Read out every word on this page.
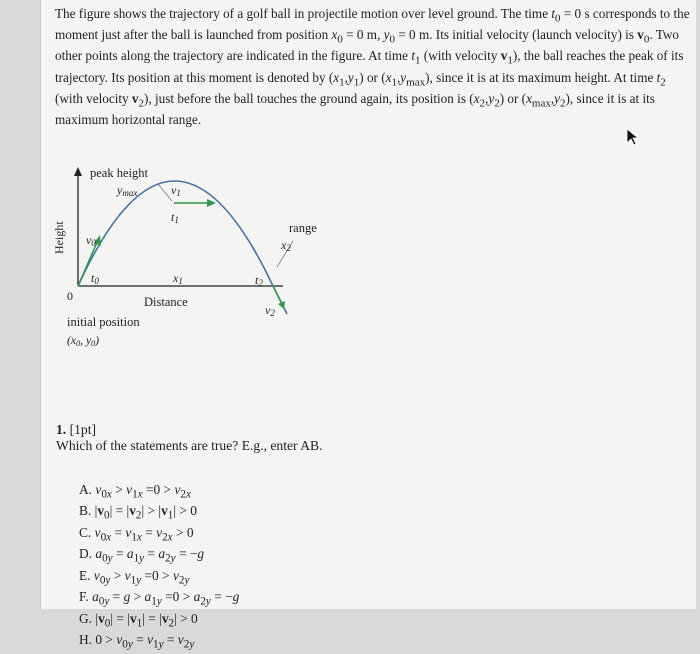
The figure shows the trajectory of a golf ball in projectile motion over level ground. The time $t_0 = 0$ s corresponds to the moment just after the ball is launched from position $x_0 = 0$ m, $y_0 = 0$ m. Its initial velocity (launch velocity) is $v_0$. Two other points along the trajectory are indicated in the figure. At time $t_1$ (with velocity $v_1$), the ball reaches the peak of its trajectory. Its position at this moment is denoted by $(x_1,y_1)$ or $(x_1,y_{max})$, since it is at its maximum height. At time $t_2$ (with velocity $v_2$), just before the ball touches the ground again, its position is $(x_2,y_2)$ or $(x_{max},y_2)$, since it is at its maximum horizontal range.

peak height
ymax	v1
t1
range
x2
v0
t0	x1	t2
0	Distance
v2
initial position
(x0, y0)
Height
1. [1pt]
Which of the statements are true? E.g., enter AB.
A. $v_{0x} > v_{1x} =0 > v_{2x}$
B. $|v_0| = |v_2| > |v_1| > 0$
C. $v_{0x} = v_{1x} = v_{2x} > 0$
D. $a_{0y} = a_{1y} = a_{2y} = -g$
E. $v_{0y} > v_{1y} =0 > v_{2y}$
F. $a_{0y} = g > a_{1y} =0 > a_{2y} = -g$
G. $|v_0| = |v_1| = |v_2| > 0$
H. $0 > v_{0y} = v_{1y} = v_{2y}$
